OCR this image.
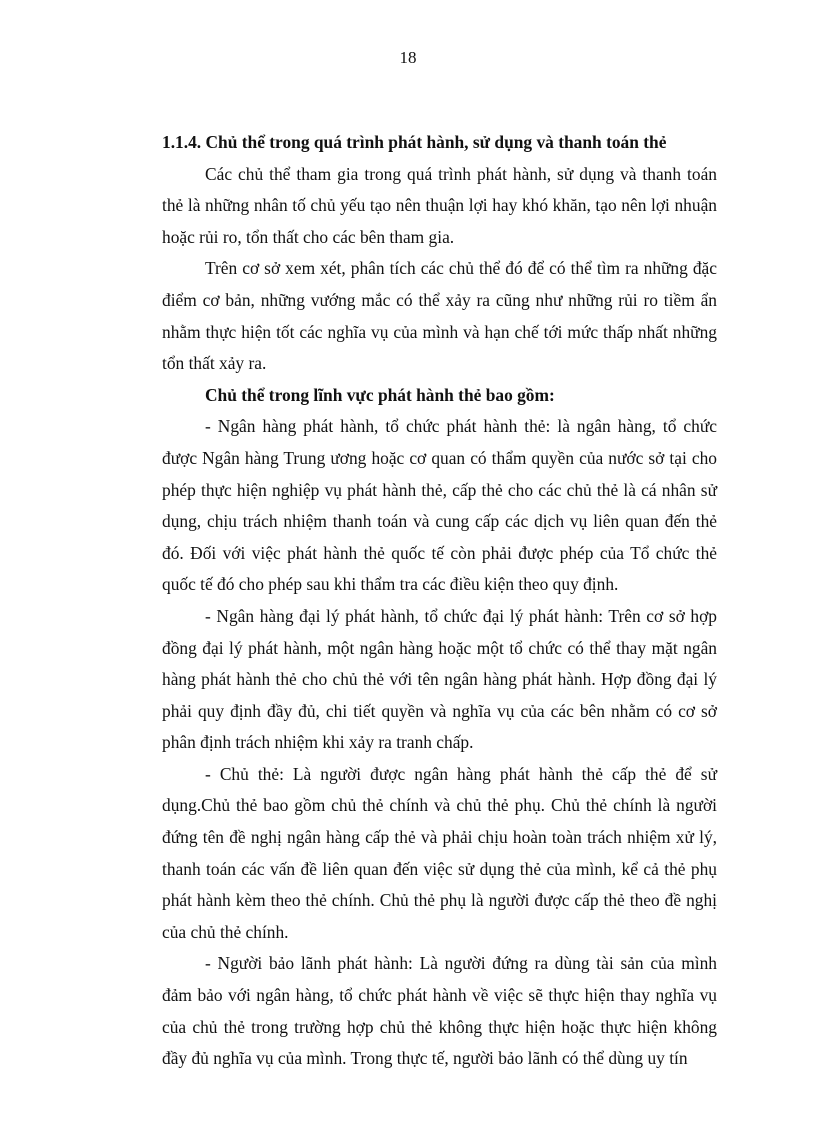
18

1.1.4. Chủ thể trong quá trình phát hành, sử dụng và thanh toán thẻ

Các chủ thể tham gia trong quá trình phát hành, sử dụng và thanh toán thẻ là những nhân tố chủ yếu tạo nên thuận lợi hay khó khăn, tạo nên lợi nhuận hoặc rủi ro, tổn thất cho các bên tham gia.

Trên cơ sở xem xét, phân tích các chủ thể đó để có thể tìm ra những đặc điểm cơ bản, những vướng mắc có thể xảy ra cũng như những rủi ro tiềm ẩn nhằm thực hiện tốt các nghĩa vụ của mình và hạn chế tới mức thấp nhất những tổn thất xảy ra.

Chủ thể trong lĩnh vực phát hành thẻ bao gồm:

- Ngân hàng phát hành, tổ chức phát hành thẻ: là ngân hàng, tổ chức được Ngân hàng Trung ương hoặc cơ quan có thẩm quyền của nước sở tại cho phép thực hiện nghiệp vụ phát hành thẻ, cấp thẻ cho các chủ thẻ là cá nhân sử dụng, chịu trách nhiệm thanh toán và cung cấp các dịch vụ liên quan đến thẻ đó. Đối với việc phát hành thẻ quốc tế còn phải được phép của Tổ chức thẻ quốc tế đó cho phép sau khi thẩm tra các điều kiện theo quy định.

- Ngân hàng đại lý phát hành, tổ chức đại lý phát hành: Trên cơ sở hợp đồng đại lý phát hành, một ngân hàng hoặc một tổ chức có thể thay mặt ngân hàng phát hành thẻ cho chủ thẻ với tên ngân hàng phát hành. Hợp đồng đại lý phải quy định đầy đủ, chi tiết quyền và nghĩa vụ của các bên nhằm có cơ sở phân định trách nhiệm khi xảy ra tranh chấp.

- Chủ thẻ: Là người được ngân hàng phát hành thẻ cấp thẻ để sử dụng.Chủ thẻ bao gồm chủ thẻ chính và chủ thẻ phụ. Chủ thẻ chính là người đứng tên đề nghị ngân hàng cấp thẻ và phải chịu hoàn toàn trách nhiệm xử lý, thanh toán các vấn đề liên quan đến việc sử dụng thẻ của mình, kể cả thẻ phụ phát hành kèm theo thẻ chính. Chủ thẻ phụ là người được cấp thẻ theo đề nghị của chủ thẻ chính.

- Người bảo lãnh phát hành: Là người đứng ra dùng tài sản của mình đảm bảo với ngân hàng, tổ chức phát hành về việc sẽ thực hiện thay nghĩa vụ của chủ thẻ trong trường hợp chủ thẻ không thực hiện hoặc thực hiện không đầy đủ nghĩa vụ của mình. Trong thực tế, người bảo lãnh có thể dùng uy tín
